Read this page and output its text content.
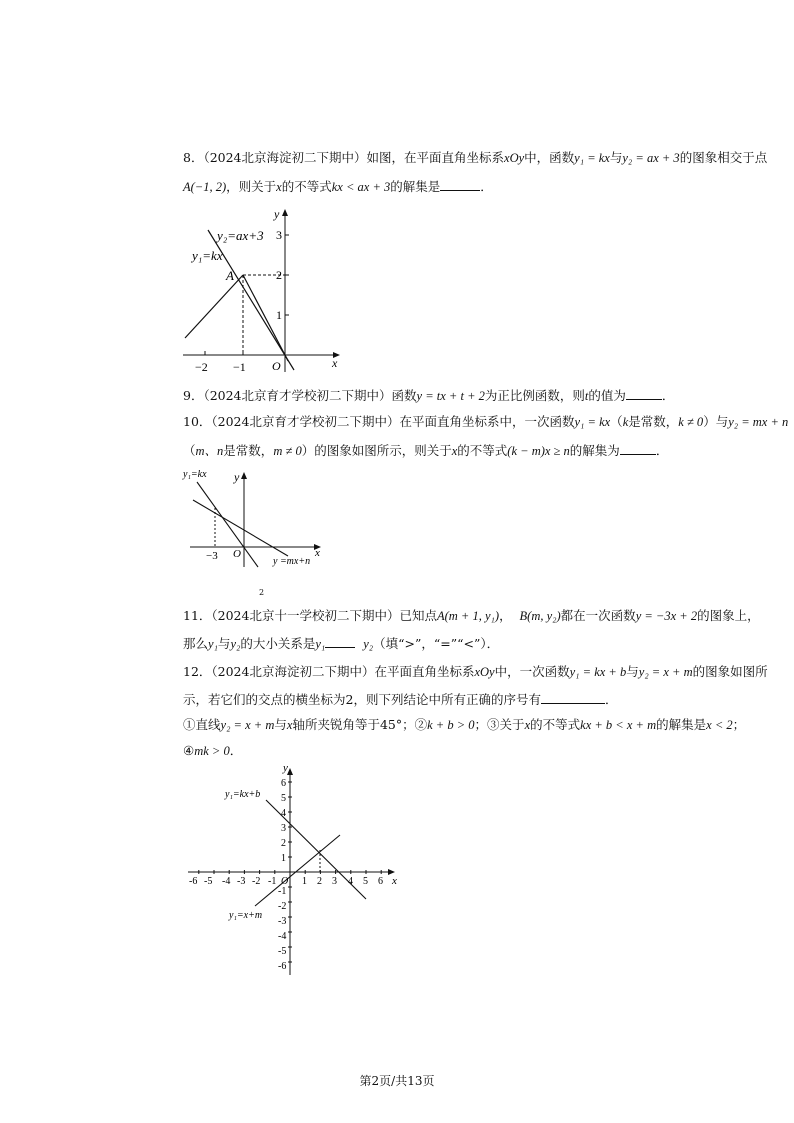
8．（2024北京海淀初二下期中）如图，在平面直角坐标系xOy中，函数y₁ = kx与y₂ = ax + 3的图象相交于点
A(−1, 2)，则关于x的不等式kx < ax + 3的解集是	．
y₂=ax+3
y₁=kx
A
y
x
O
3
2
1
−2 −1
9．（2024北京育才学校初二下期中）函数y = tx + t + 2为正比例函数，则t的值为	．
10．（2024北京育才学校初二下期中）在平面直角坐标系中，一次函数y₁ = kx（k是常数，k ≠ 0）与y₂ = mx + n
（m、n是常数，m ≠ 0）的图象如图所示，则关于x的不等式(k − m)x ≥ n的解集为	．
y₁=kx y
x
O
−3	y =mx+n
2
11．（2024北京十一学校初二下期中）已知点A(m + 1, y₁)， B(m, y₂)都在一次函数y = −3x + 2的图象上，
那么y₁与y₂的大小关系是y₁	y₂（填“>”，“=”“<”）．
12．（2024北京海淀初二下期中）在平面直角坐标系xOy中，一次函数y₁ = kx + b与y₂ = x + m的图象如图所
示，若它们的交点的横坐标为2，则下列结论中所有正确的序号有	．
①直线y₂ = x + m与x轴所夹锐角等于45°；②k + b > 0；③关于x的不等式kx + b < x + m的解集是x < 2；
④mk > 0．
y
x
O
y₁=kx+b
y₁=x+m
-6 -5 -4 -3 -2 -1	1 2 3 4 5 6
6
5
4
3
2
1
-1
-2
-3
-4
-5
-6
第2页/共13页
